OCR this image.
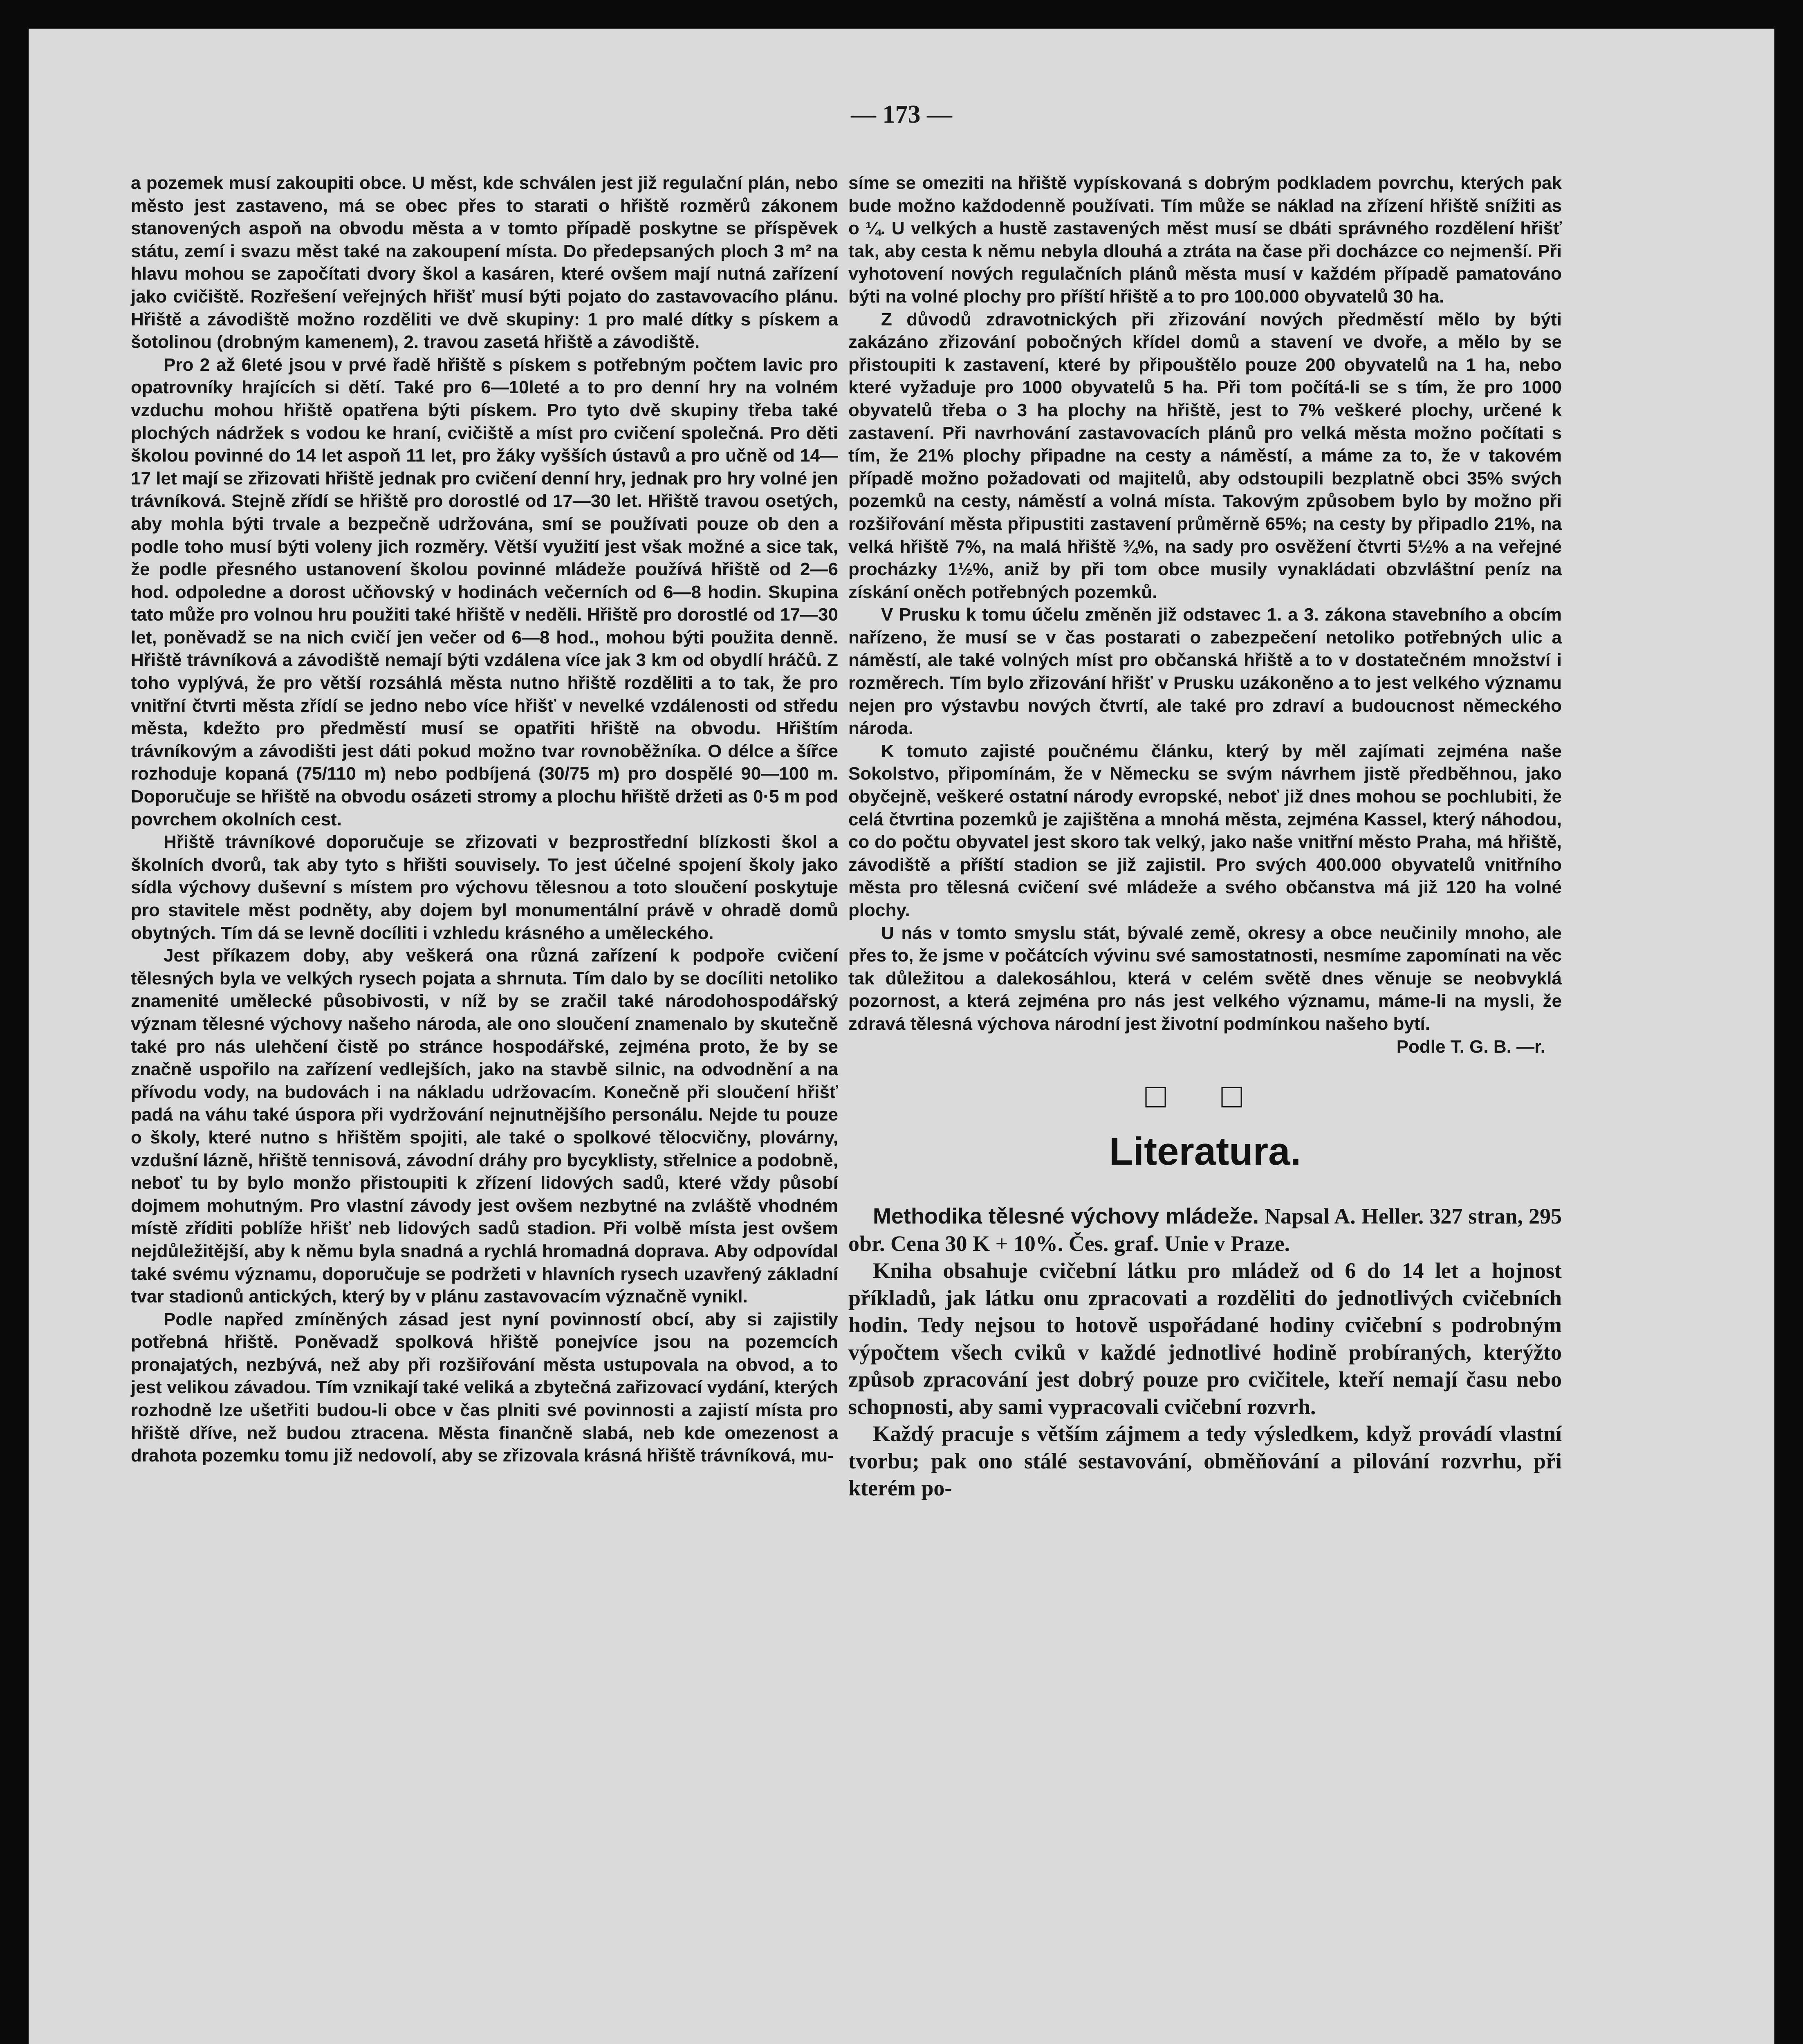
— 173 —

a pozemek musí zakoupiti obce. U měst, kde schválen jest již regulační plán, nebo město jest zastaveno, má se obec přes to starati o hřiště rozměrů zákonem stanovených aspoň na obvodu města a v tomto případě poskytne se příspěvek státu, zemí i svazu měst také na zakoupení místa. Do předepsaných ploch 3 m² na hlavu mohou se započítati dvory škol a kasáren, které ovšem mají nutná zařízení jako cvičiště. Rozřešení veřejných hřišť musí býti pojato do zastavovacího plánu. Hřiště a závodiště možno rozděliti ve dvě skupiny: 1 pro malé dítky s pískem a šotolinou (drobným kamenem), 2. travou zasetá hřiště a závodiště.

Pro 2 až 6leté jsou v prvé řadě hřiště s pískem s potřebným počtem lavic pro opatrovníky hrajících si dětí. Také pro 6—10leté a to pro denní hry na volném vzduchu mohou hřiště opatřena býti pískem. Pro tyto dvě skupiny třeba také plochých nádržek s vodou ke hraní, cvičiště a míst pro cvičení společná. Pro děti školou povinné do 14 let aspoň 11 let, pro žáky vyšších ústavů a pro učně od 14—17 let mají se zřizovati hřiště jednak pro cvičení denní hry, jednak pro hry volné jen trávníková. Stejně zřídí se hřiště pro dorostlé od 17—30 let. Hřiště travou osetých, aby mohla býti trvale a bezpečně udržována, smí se používati pouze ob den a podle toho musí býti voleny jich rozměry. Větší využití jest však možné a sice tak, že podle přesného ustanovení školou povinné mládeže používá hřiště od 2—6 hod. odpoledne a dorost učňovský v hodinách večerních od 6—8 hodin. Skupina tato může pro volnou hru použiti také hřiště v neděli. Hřiště pro dorostlé od 17—30 let, poněvadž se na nich cvičí jen večer od 6—8 hod., mohou býti použita denně. Hřiště trávníková a závodiště nemají býti vzdálena více jak 3 km od obydlí hráčů. Z toho vyplývá, že pro větší rozsáhlá města nutno hřiště rozděliti a to tak, že pro vnitřní čtvrti města zřídí se jedno nebo více hřišť v nevelké vzdálenosti od středu města, kdežto pro předměstí musí se opatřiti hřiště na obvodu. Hřištím trávníkovým a závodišti jest dáti pokud možno tvar rovnoběžníka. O délce a šířce rozhoduje kopaná (75/110 m) nebo podbíjená (30/75 m) pro dospělé 90—100 m. Doporučuje se hřiště na obvodu osázeti stromy a plochu hřiště držeti as 0·5 m pod povrchem okolních cest.

Hřiště trávníkové doporučuje se zřizovati v bezprostřední blízkosti škol a školních dvorů, tak aby tyto s hřišti souvisely. To jest účelné spojení školy jako sídla výchovy duševní s místem pro výchovu tělesnou a toto sloučení poskytuje pro stavitele měst podněty, aby dojem byl monumentální právě v ohradě domů obytných. Tím dá se levně docíliti i vzhledu krásného a uměleckého.

Jest příkazem doby, aby veškerá ona různá zařízení k podpoře cvičení tělesných byla ve velkých rysech pojata a shrnuta. Tím dalo by se docíliti netoliko znamenité umělecké působivosti, v níž by se zračil také národohospodářský význam tělesné výchovy našeho národa, ale ono sloučení znamenalo by skutečně také pro nás ulehčení čistě po stránce hospodářské, zejména proto, že by se značně uspořilo na zařízení vedlejších, jako na stavbě silnic, na odvodnění a na přívodu vody, na budovách i na nákladu udržovacím. Konečně při sloučení hřišť padá na váhu také úspora při vydržování nejnutnějšího personálu. Nejde tu pouze o školy, které nutno s hřištěm spojiti, ale také o spolkové tělocvičny, plovárny, vzdušní lázně, hřiště tennisová, závodní dráhy pro bycyklisty, střelnice a podobně, neboť tu by bylo monžo přistoupiti k zřízení lidových sadů, které vždy působí dojmem mohutným. Pro vlastní závody jest ovšem nezbytné na zvláště vhodném místě zříditi poblíže hřišť neb lidových sadů stadion. Při volbě místa jest ovšem nejdůležitější, aby k němu byla snadná a rychlá hromadná doprava. Aby odpovídal také svému významu, doporučuje se podržeti v hlavních rysech uzavřený základní tvar stadionů antických, který by v plánu zastavovacím význačně vynikl.

Podle napřed zmíněných zásad jest nyní povinností obcí, aby si zajistily potřebná hřiště. Poněvadž spolková hřiště ponejvíce jsou na pozemcích pronajatých, nezbývá, než aby při rozšiřování města ustupovala na obvod, a to jest velikou závadou. Tím vznikají také veliká a zbytečná zařizovací vydání, kterých rozhodně lze ušetřiti budou-li obce v čas plniti své povinnosti a zajistí místa pro hřiště dříve, než budou ztracena. Města finančně slabá, neb kde omezenost a drahota pozemku tomu již nedovolí, aby se zřizovala krásná hřiště trávníková, mu-

síme se omeziti na hřiště vypískovaná s dobrým podkladem povrchu, kterých pak bude možno každodenně používati. Tím může se náklad na zřízení hřiště snížiti as o ¼. U velkých a hustě zastavených měst musí se dbáti správného rozdělení hřišť tak, aby cesta k němu nebyla dlouhá a ztráta na čase při docházce co nejmenší. Při vyhotovení nových regulačních plánů města musí v každém případě pamatováno býti na volné plochy pro příští hřiště a to pro 100.000 obyvatelů 30 ha.

Z důvodů zdravotnických při zřizování nových předměstí mělo by býti zakázáno zřizování pobočných křídel domů a stavení ve dvoře, a mělo by se přistoupiti k zastavení, které by připouštělo pouze 200 obyvatelů na 1 ha, nebo které vyžaduje pro 1000 obyvatelů 5 ha. Při tom počítá-li se s tím, že pro 1000 obyvatelů třeba o 3 ha plochy na hřiště, jest to 7% veškeré plochy, určené k zastavení. Při navrhování zastavovacích plánů pro velká města možno počítati s tím, že 21% plochy připadne na cesty a náměstí, a máme za to, že v takovém případě možno požadovati od majitelů, aby odstoupili bezplatně obci 35% svých pozemků na cesty, náměstí a volná místa. Takovým způsobem bylo by možno při rozšiřování města připustiti zastavení průměrně 65%; na cesty by připadlo 21%, na velká hřiště 7%, na malá hřiště ¾%, na sady pro osvěžení čtvrti 5½% a na veřejné procházky 1½%, aniž by při tom obce musily vynakládati obzvláštní peníz na získání oněch potřebných pozemků.

V Prusku k tomu účelu změněn již odstavec 1. a 3. zákona stavebního a obcím nařízeno, že musí se v čas postarati o zabezpečení netoliko potřebných ulic a náměstí, ale také volných míst pro občanská hřiště a to v dostatečném množství i rozměrech. Tím bylo zřizování hřišť v Prusku uzákoněno a to jest velkého významu nejen pro výstavbu nových čtvrtí, ale také pro zdraví a budoucnost německého národa.

K tomuto zajisté poučnému článku, který by měl zajímati zejména naše Sokolstvo, připomínám, že v Německu se svým návrhem jistě předběhnou, jako obyčejně, veškeré ostatní národy evropské, neboť již dnes mohou se pochlubiti, že celá čtvrtina pozemků je zajištěna a mnohá města, zejména Kassel, který náhodou, co do počtu obyvatel jest skoro tak velký, jako naše vnitřní město Praha, má hřiště, závodiště a příští stadion se již zajistil. Pro svých 400.000 obyvatelů vnitřního města pro tělesná cvičení své mládeže a svého občanstva má již 120 ha volné plochy.

U nás v tomto smyslu stát, bývalé země, okresy a obce neučinily mnoho, ale přes to, že jsme v počátcích vývinu své samostatnosti, nesmíme zapomínati na věc tak důležitou a dalekosáhlou, která v celém světě dnes věnuje se neobvyklá pozornost, a která zejména pro nás jest velkého významu, máme-li na mysli, že zdravá tělesná výchova národní jest životní podmínkou našeho bytí.

Podle T. G. B. —r.
□ □
Literatura.

Methodika tělesné výchovy mládeže. Napsal A. Heller. 327 stran, 295 obr. Cena 30 K + 10%. Čes. graf. Unie v Praze.

Kniha obsahuje cvičební látku pro mládež od 6 do 14 let a hojnost příkladů, jak látku onu zpracovati a rozděliti do jednotlivých cvičebních hodin. Tedy nejsou to hotově uspořádané hodiny cvičební s podrobným výpočtem všech cviků v každé jednotlivé hodině probíraných, kterýžto způsob zpracování jest dobrý pouze pro cvičitele, kteří nemají času nebo schopnosti, aby sami vypracovali cvičební rozvrh.

Každý pracuje s větším zájmem a tedy výsledkem, když provádí vlastní tvorbu; pak ono stálé sestavování, obměňování a pilování rozvrhu, při kterém po-
